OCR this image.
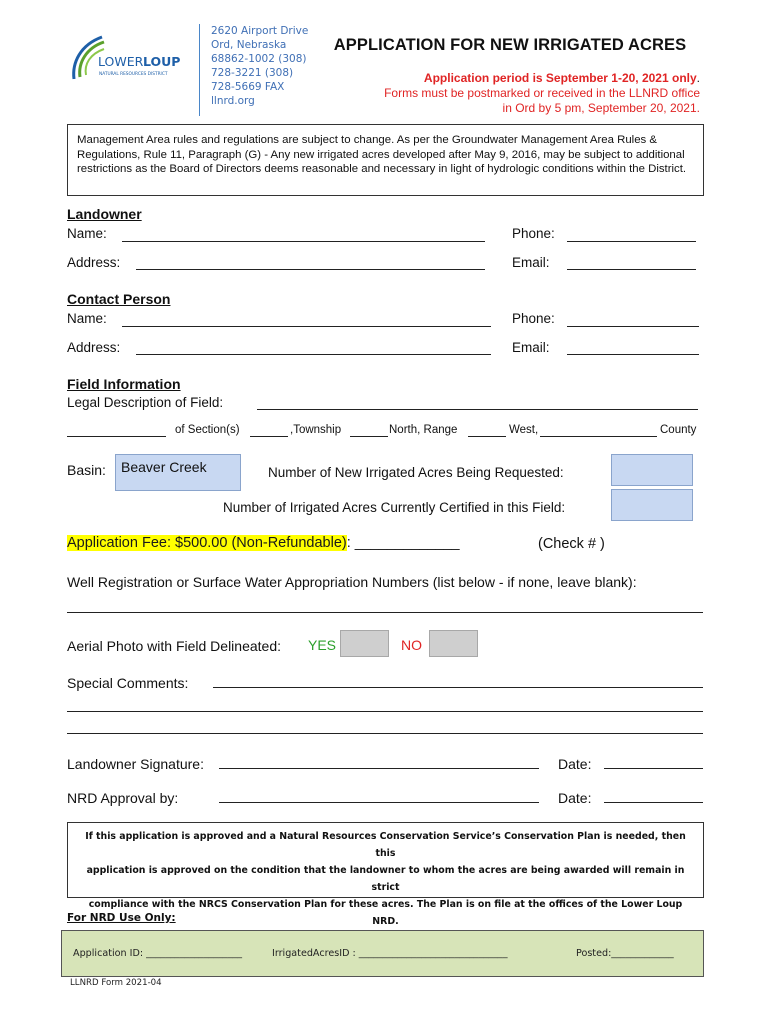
LOWER LOUP
NATURAL RESOURCES DISTRICT
2620 Airport Drive
Ord, Nebraska
68862-1002 (308)
728-3221 (308)
728-5669 FAX
llnrd.org
APPLICATION FOR NEW IRRIGATED ACRES
Application period is September 1-20, 2021 only.
Forms must be postmarked or received in the LLNRD office
in Ord by 5 pm, September 20, 2021.
Management Area rules and regulations are subject to change. As per the Groundwater Management Area Rules & Regulations, Rule 11, Paragraph (G) - Any new irrigated acres developed after May 9, 2016, may be subject to additional restrictions as the Board of Directors deems reasonable and necessary in light of hydrologic conditions within the District.
Landowner
Name:	Phone:
Address:	Email:
Contact Person
Name:	Phone:
Address:	Email:
Field Information
Legal Description of Field:
of Section(s)	,Township	North, Range	West,	County
Basin:	Beaver Creek	Number of New Irrigated Acres Being Requested:
Number of Irrigated Acres Currently Certified in this Field:
Application Fee: $500.00 (Non-Refundable): _____________	(Check # )
Well Registration or Surface Water Appropriation Numbers (list below - if none, leave blank):
Aerial Photo with Field Delineated: YES	NO
Special Comments:
Landowner Signature:	Date:
NRD Approval by:	Date:
If this application is approved and a Natural Resources Conservation Service’s Conservation Plan is needed, then this
application is approved on the condition that the landowner to whom the acres are being awarded will remain in strict
compliance with the NRCS Conservation Plan for these acres. The Plan is on file at the offices of the Lower Loup NRD.
For NRD Use Only:
Application ID: ____________________	IrrigatedAcresID : _______________________________	Posted:_____________
LLNRD Form 2021-04
